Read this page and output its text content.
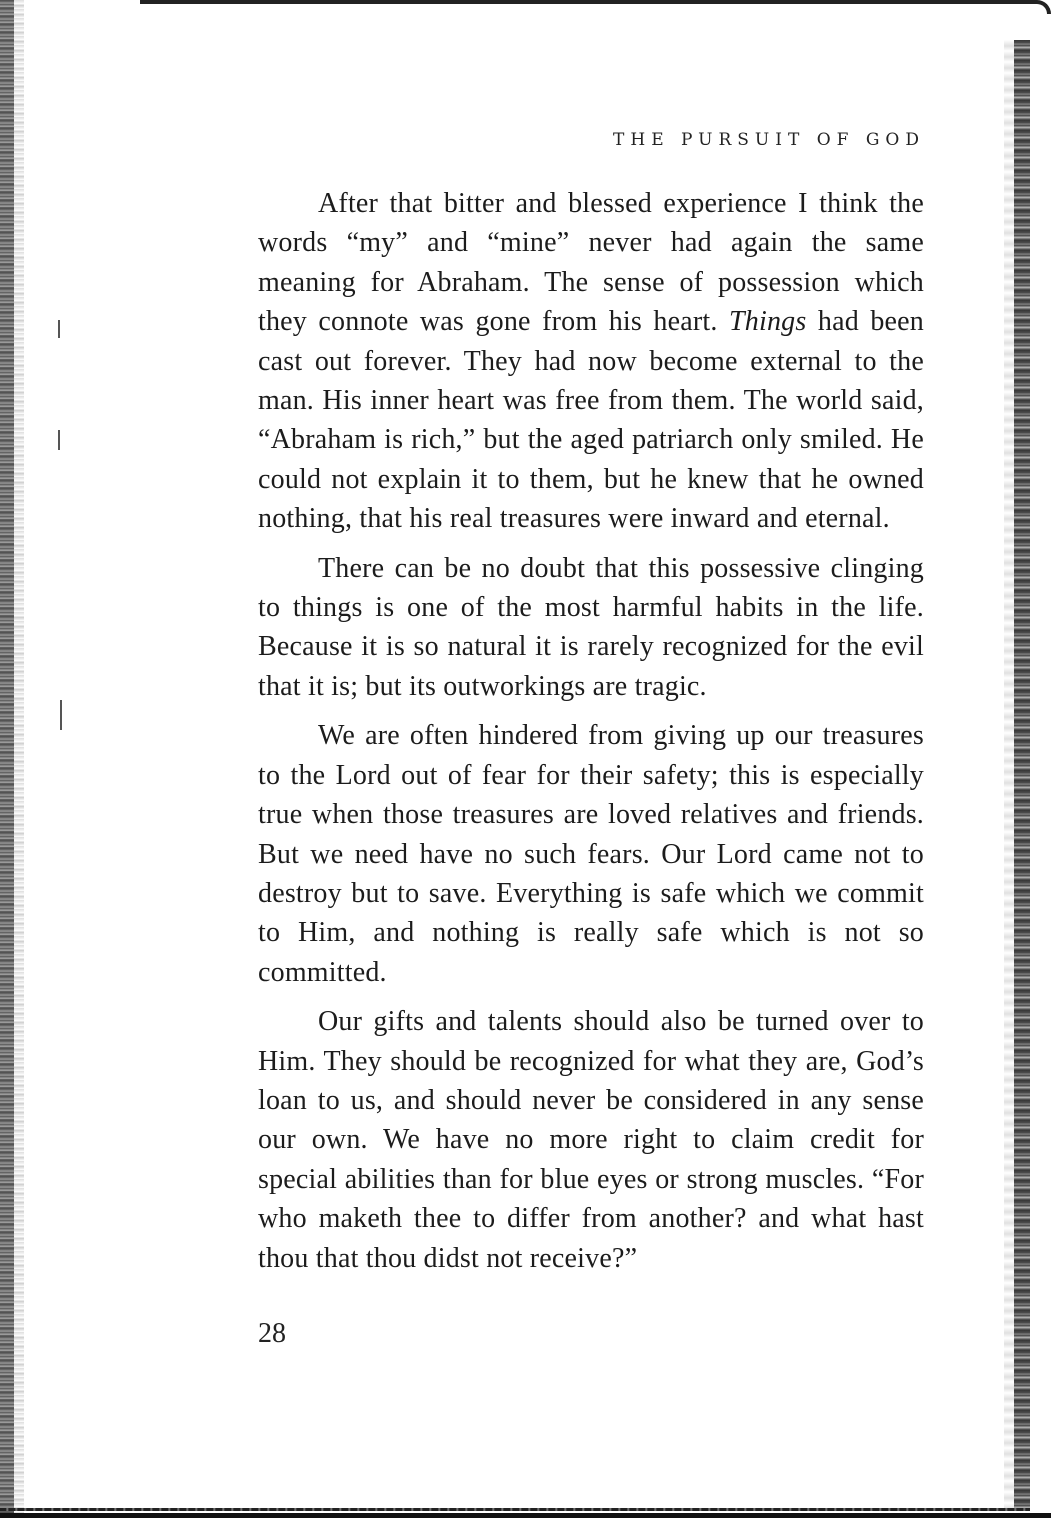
THE PURSUIT OF GOD

After that bitter and blessed experience I think the words “my” and “mine” never had again the same meaning for Abraham. The sense of possession which they connote was gone from his heart. Things had been cast out forever. They had now become external to the man. His inner heart was free from them. The world said, “Abraham is rich,” but the aged patriarch only smiled. He could not explain it to them, but he knew that he owned nothing, that his real treasures were inward and eternal.

There can be no doubt that this possessive clinging to things is one of the most harmful habits in the life. Because it is so natural it is rarely recognized for the evil that it is; but its outworkings are tragic.

We are often hindered from giving up our treasures to the Lord out of fear for their safety; this is especially true when those treasures are loved relatives and friends. But we need have no such fears. Our Lord came not to destroy but to save. Everything is safe which we commit to Him, and nothing is really safe which is not so committed.

Our gifts and talents should also be turned over to Him. They should be recognized for what they are, God’s loan to us, and should never be considered in any sense our own. We have no more right to claim credit for special abilities than for blue eyes or strong muscles. “For who maketh thee to differ from another? and what hast thou that thou didst not receive?”

28
